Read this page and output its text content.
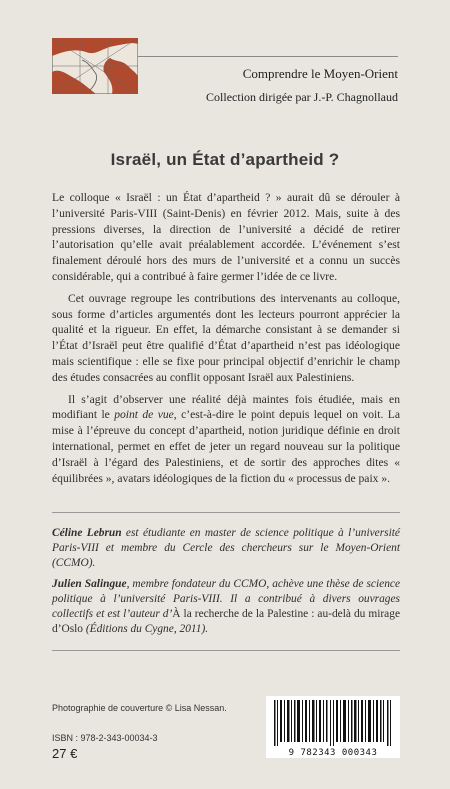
Comprendre le Moyen-Orient
Collection dirigée par J.-P. Chagnollaud
Israël, un État d’apartheid ?

Le colloque « Israël : un État d’apartheid ? » aurait dû se dérouler à l’université Paris-VIII (Saint-Denis) en février 2012. Mais, suite à des pressions diverses, la direction de l’université a décidé de retirer l’autorisation qu’elle avait préalablement accordée. L’événement s’est finalement déroulé hors des murs de l’université et a connu un succès considérable, qui a contribué à faire germer l’idée de ce livre.

Cet ouvrage regroupe les contributions des intervenants au colloque, sous forme d’articles argumentés dont les lecteurs pourront apprécier la qualité et la rigueur. En effet, la démarche consistant à se demander si l’État d’Israël peut être qualifié d’État d’apartheid n’est pas idéologique mais scientifique : elle se fixe pour principal objectif d’enrichir le champ des études consacrées au conflit opposant Israël aux Palestiniens.

Il s’agit d’observer une réalité déjà maintes fois étudiée, mais en modifiant le point de vue, c’est-à-dire le point depuis lequel on voit. La mise à l’épreuve du concept d’apartheid, notion juridique définie en droit international, permet en effet de jeter un regard nouveau sur la politique d’Israël à l’égard des Palestiniens, et de sortir des approches dites « équilibrées », avatars idéologiques de la fiction du « processus de paix ».

Céline Lebrun est étudiante en master de science politique à l’université Paris-VIII et membre du Cercle des chercheurs sur le Moyen-Orient (CCMO).

Julien Salingue, membre fondateur du CCMO, achève une thèse de science politique à l’université Paris-VIII. Il a contribué à divers ouvrages collectifs et est l’auteur d’À la recherche de la Palestine : au-delà du mirage d’Oslo (Éditions du Cygne, 2011).

Photographie de couverture © Lisa Nessan.
ISBN : 978-2-343-00034-3
27 €	9 782343 000343
